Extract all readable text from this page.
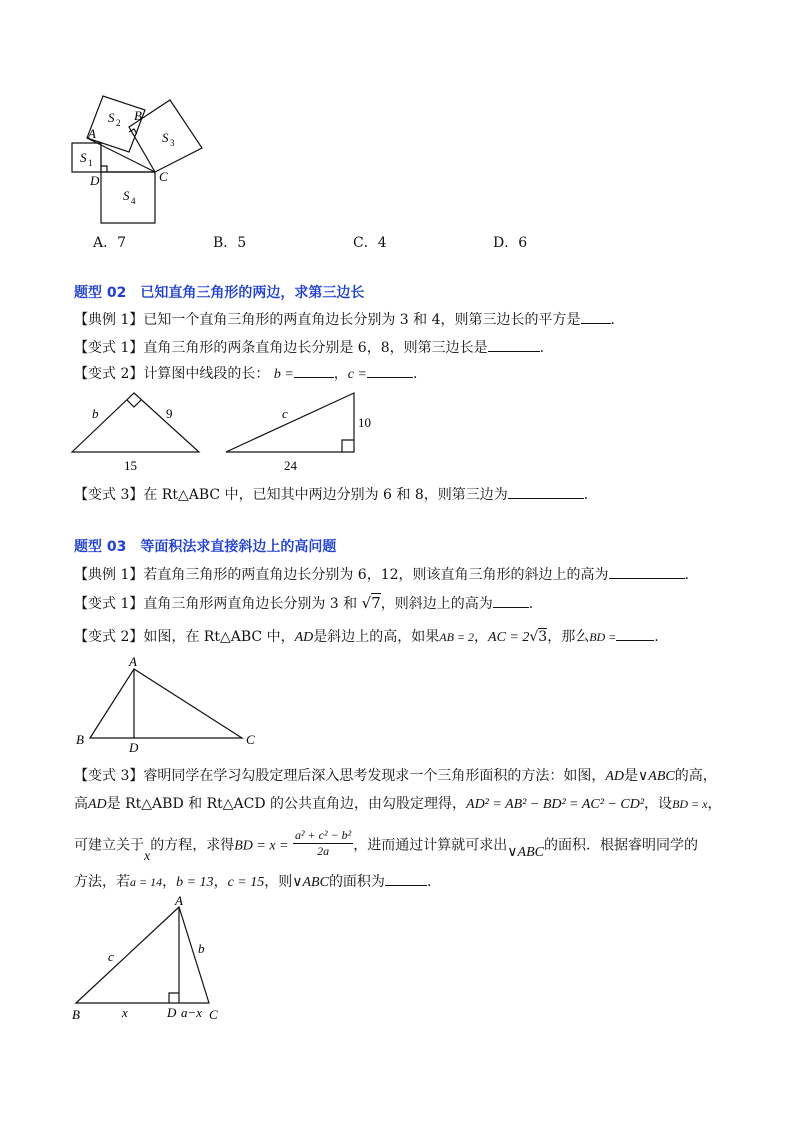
A
B
C
D
S 1
S 2
S 3
S 4
A．7	B．5	C．4	D．6
题型 02　已知直角三角形的两边，求第三边长
【典例 1】已知一个直角三角形的两直角边长分别为 3 和 4，则第三边长的平方是 .
【变式 1】直角三角形的两条直角边长分别是 6，8，则第三边长是	.
【变式 2】计算图中线段的长： b =	，c =	.
b	9
15
c
10
24
【变式 3】在 Rt△ABC 中，已知其中两边分别为 6 和 8，则第三边为	.
题型 03　等面积法求直接斜边上的高问题
【典例 1】若直角三角形的两直角边长分别为 6，12，则该直角三角形的斜边上的高为	.
【变式 1】直角三角形两直角边长分别为 3 和 √7，则斜边上的高为	.
【变式 2】如图，在 Rt△ABC 中，AD是斜边上的高，如果AB = 2，AC = 2√3，那么BD =	.
A
B
D
C
【变式 3】睿明同学在学习勾股定理后深入思考发现求一个三角形面积的方法：如图，AD是∨ABC的高，
高AD是 Rt△ABD 和 Rt△ACD 的公共直角边，由勾股定理得，AD² = AB² − BD² = AC² − CD²，设BD = x，
可建立关于x的方程，求得BD = $x = \frac{\text{a² + c² − b²}}{2a}$ ，进而通过计算就可求出∨ABC的面积．根据睿明同学的
方法，若a = 14，b = 13，c = 15，则∨ABC的面积为	.
A
B	D	C
c
b
x	a−x
